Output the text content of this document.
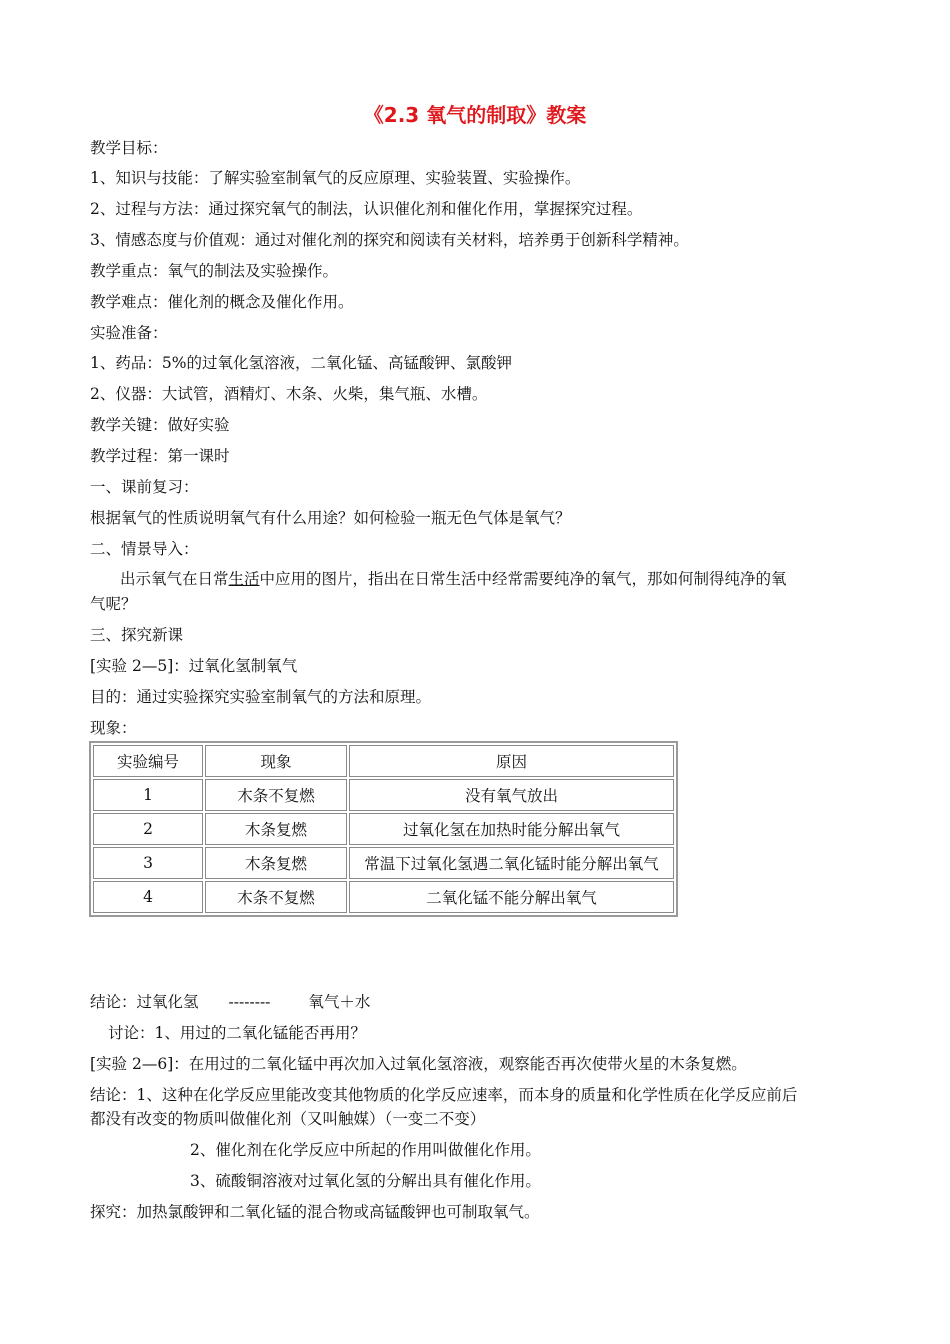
《2.3 氧气的制取》教案
教学目标：
1、知识与技能：了解实验室制氧气的反应原理、实验装置、实验操作。
2、过程与方法：通过探究氧气的制法，认识催化剂和催化作用，掌握探究过程。
3、情感态度与价值观：通过对催化剂的探究和阅读有关材料，培养勇于创新科学精神。
教学重点：氧气的制法及实验操作。
教学难点：催化剂的概念及催化作用。
实验准备：
1、药品：5%的过氧化氢溶液，二氧化锰、高锰酸钾、氯酸钾
2、仪器：大试管，酒精灯、木条、火柴，集气瓶、水槽。
教学关键：做好实验
教学过程：第一课时
一、课前复习：
根据氧气的性质说明氧气有什么用途？如何检验一瓶无色气体是氧气？
二、情景导入：
出示氧气在日常生活中应用的图片，指出在日常生活中经常需要纯净的氧气，那如何制得纯净的氧
气呢？
三、探究新课
[实验 2—5]：过氧化氢制氧气
目的：通过实验探究实验室制氧气的方法和原理。
现象：
实验编号	现象	原因
1	木条不复燃	没有氧气放出
2	木条复燃	过氧化氢在加热时能分解出氧气
3	木条复燃	常温下过氧化氢遇二氧化锰时能分解出氧气
4	木条不复燃	二氧化锰不能分解出氧气
结论：过氧化氢 -------- 氧气＋水
讨论：1、用过的二氧化锰能否再用？
[实验 2—6]：在用过的二氧化锰中再次加入过氧化氢溶液，观察能否再次使带火星的木条复燃。
结论：1、这种在化学反应里能改变其他物质的化学反应速率，而本身的质量和化学性质在化学反应前后
都没有改变的物质叫做催化剂（又叫触媒）（一变二不变）
2、催化剂在化学反应中所起的作用叫做催化作用。
3、硫酸铜溶液对过氧化氢的分解出具有催化作用。
探究：加热氯酸钾和二氧化锰的混合物或高锰酸钾也可制取氧气。
